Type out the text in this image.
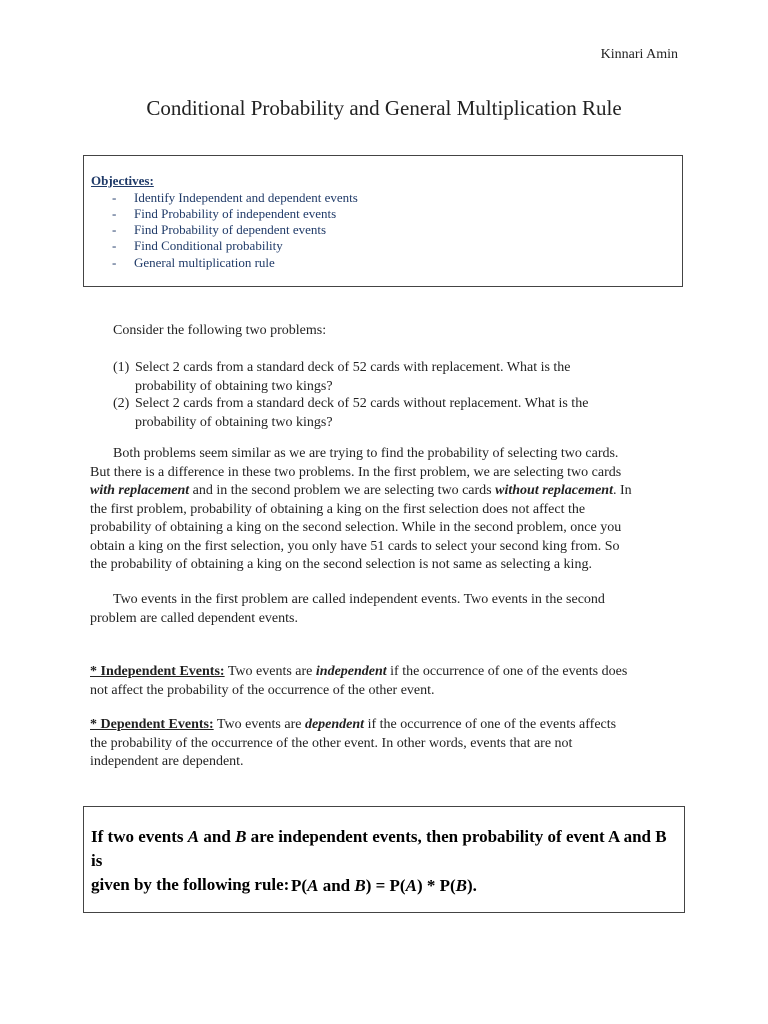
Kinnari Amin
Conditional Probability and General Multiplication Rule
Objectives:
- Identify Independent and dependent events
- Find Probability of independent events
- Find Probability of dependent events
- Find Conditional probability
- General multiplication rule
Consider the following two problems:
(1) Select 2 cards from a standard deck of 52 cards with replacement. What is the
probability of obtaining two kings?
(2) Select 2 cards from a standard deck of 52 cards without replacement. What is the
probability of obtaining two kings?
Both problems seem similar as we are trying to find the probability of selecting two cards.
But there is a difference in these two problems. In the first problem, we are selecting two cards
with replacement and in the second problem we are selecting two cards without replacement. In
the first problem, probability of obtaining a king on the first selection does not affect the
probability of obtaining a king on the second selection. While in the second problem, once you
obtain a king on the first selection, you only have 51 cards to select your second king from. So
the probability of obtaining a king on the second selection is not same as selecting a king.
Two events in the first problem are called independent events. Two events in the second
problem are called dependent events.
* Independent Events: Two events are independent if the occurrence of one of the events does
not affect the probability of the occurrence of the other event.
* Dependent Events: Two events are dependent if the occurrence of one of the events affects
the probability of the occurrence of the other event. In other words, events that are not
independent are dependent.
If two events A and B are independent events, then probability of event A and B is
given by the following rule: P(A and B) = P(A) * P(B).
